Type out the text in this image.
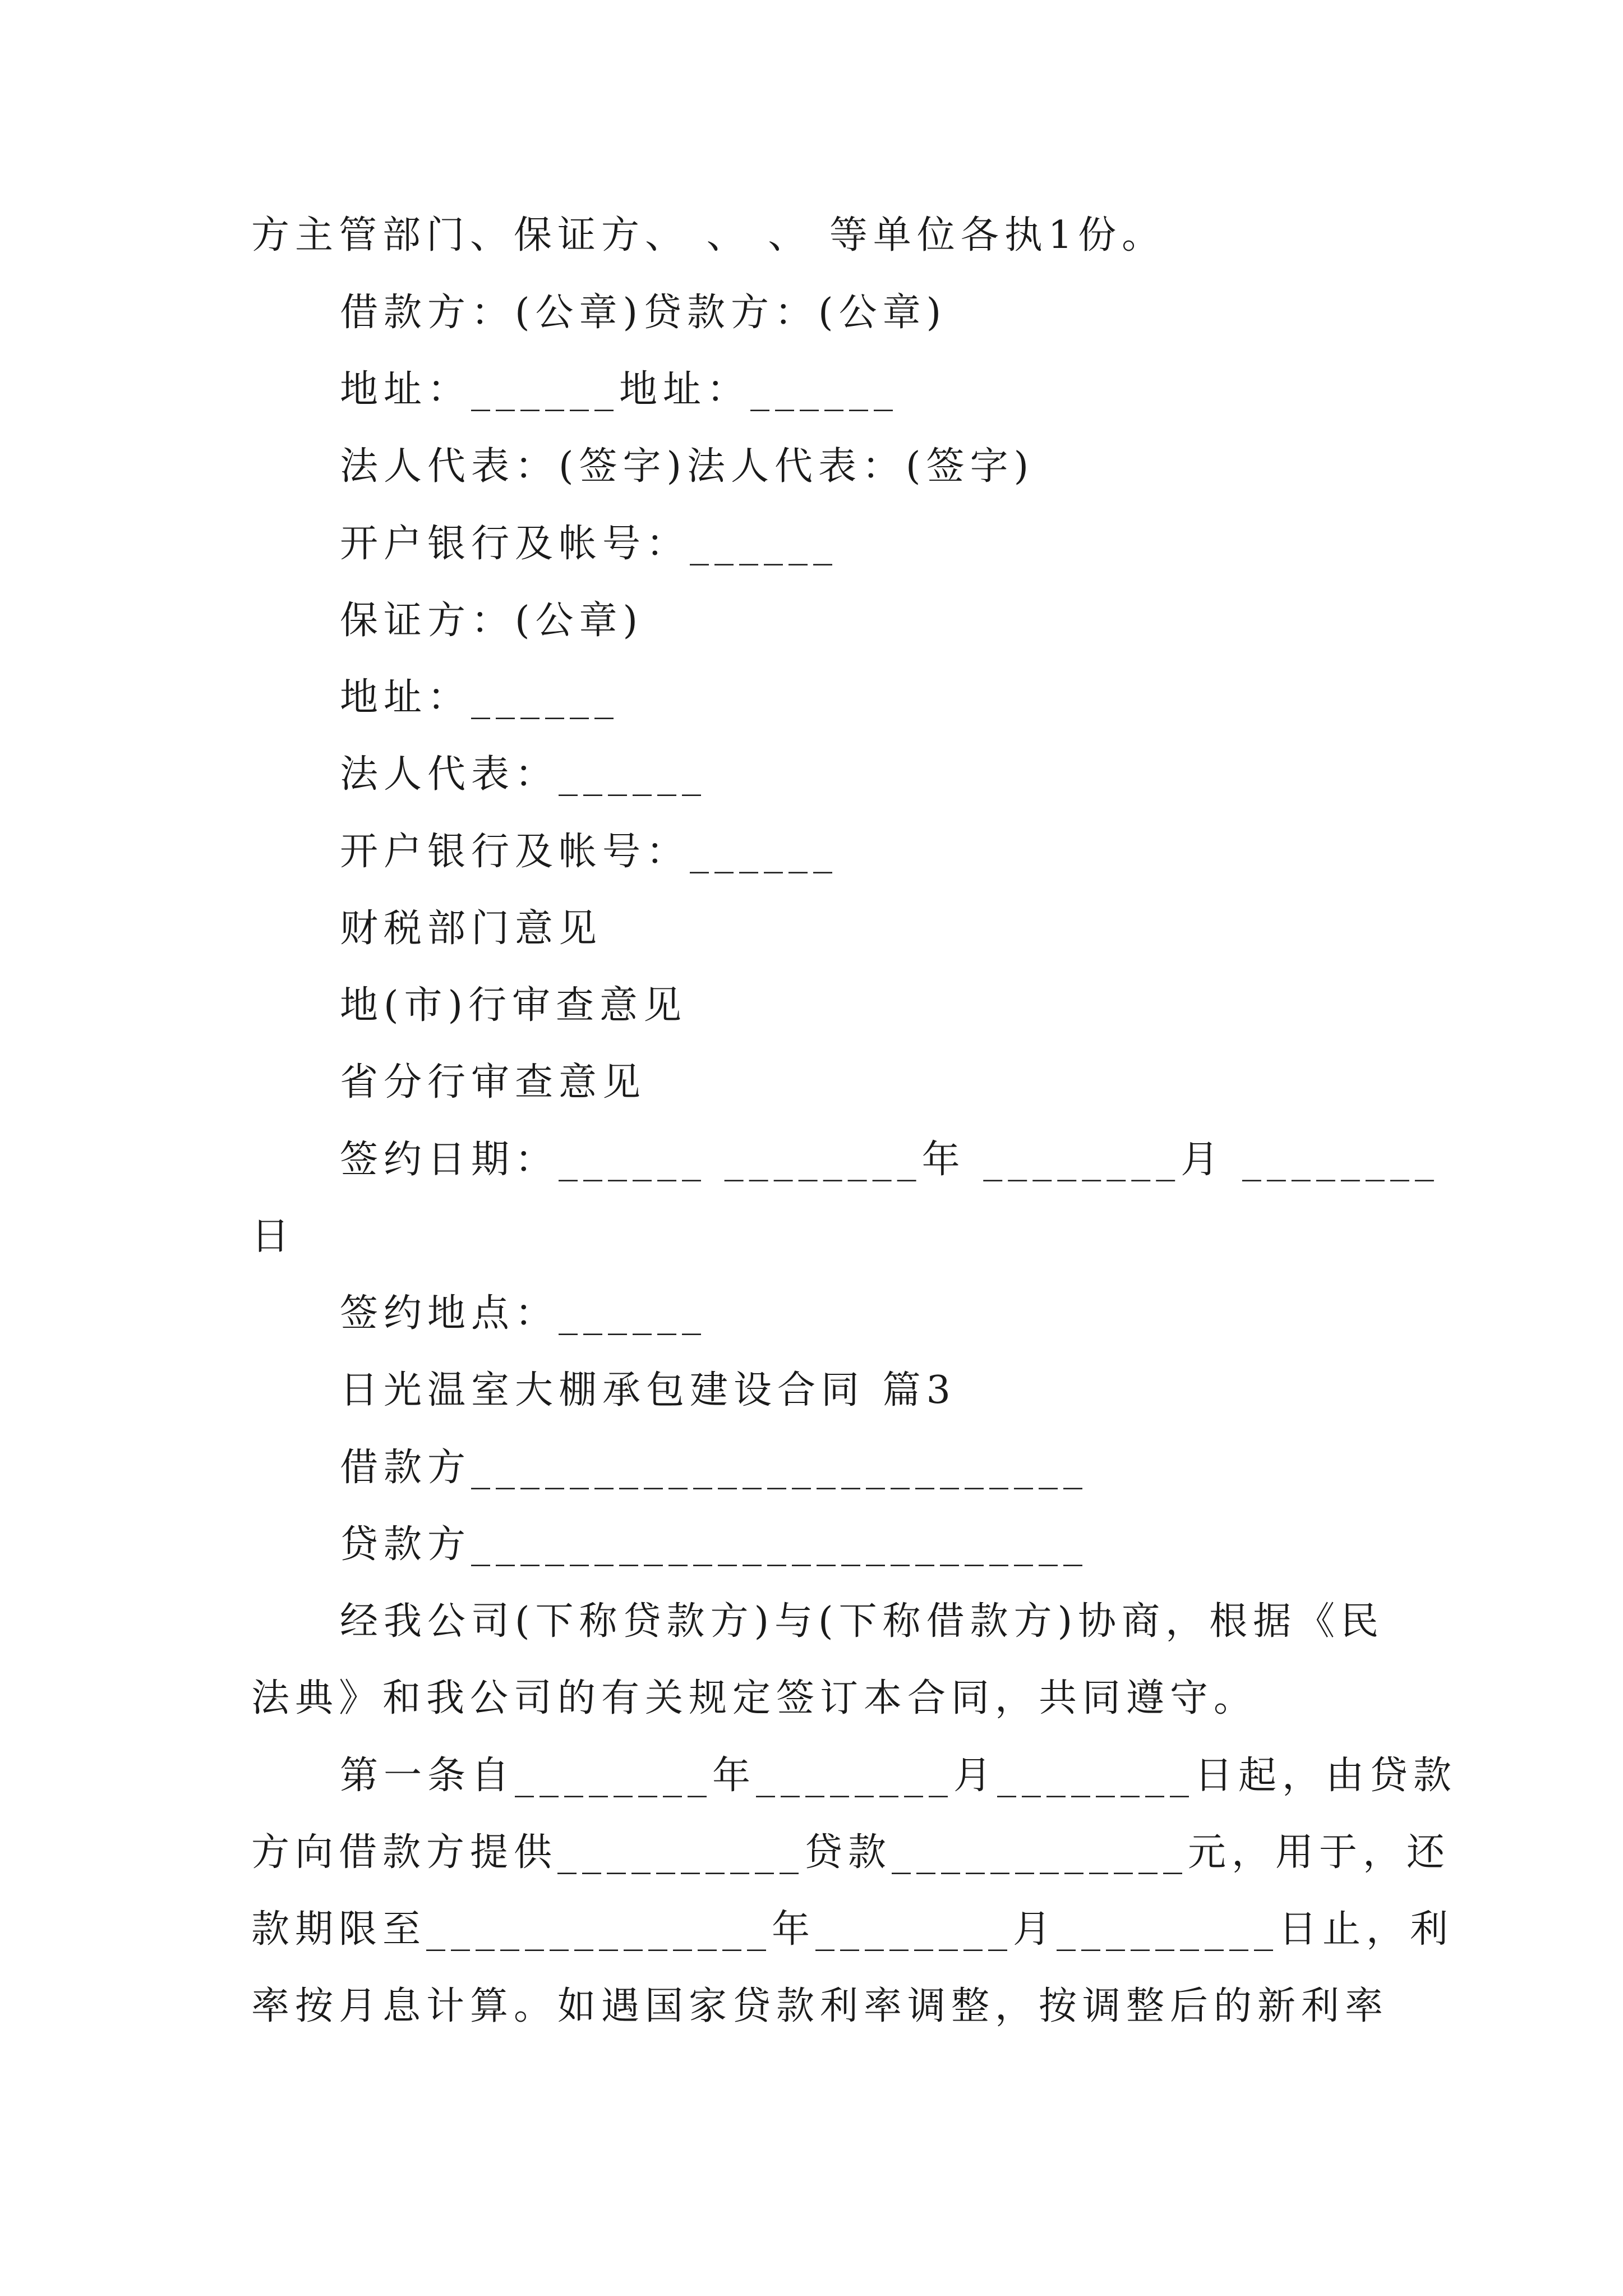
方主管部门、保证方、 、 、 等单位各执1份。
借款方：(公章)贷款方：(公章)
地址：______地址：______
法人代表：(签字)法人代表：(签字)
开户银行及帐号：______
保证方：(公章)
地址：______
法人代表：______
开户银行及帐号：______
财税部门意见
地(市)行审查意见
省分行审查意见
签约日期：______ ________年 ________月 ________
日
签约地点：______
日光温室大棚承包建设合同 篇3
借款方_________________________
贷款方_________________________
经我公司(下称贷款方)与(下称借款方)协商，根据《民
法典》和我公司的有关规定签订本合同，共同遵守。
第一条自________年________月________日起，由贷款
方向借款方提供__________贷款____________元，用于，还
款期限至______________年________月_________日止，利
率按月息计算。如遇国家贷款利率调整，按调整后的新利率
